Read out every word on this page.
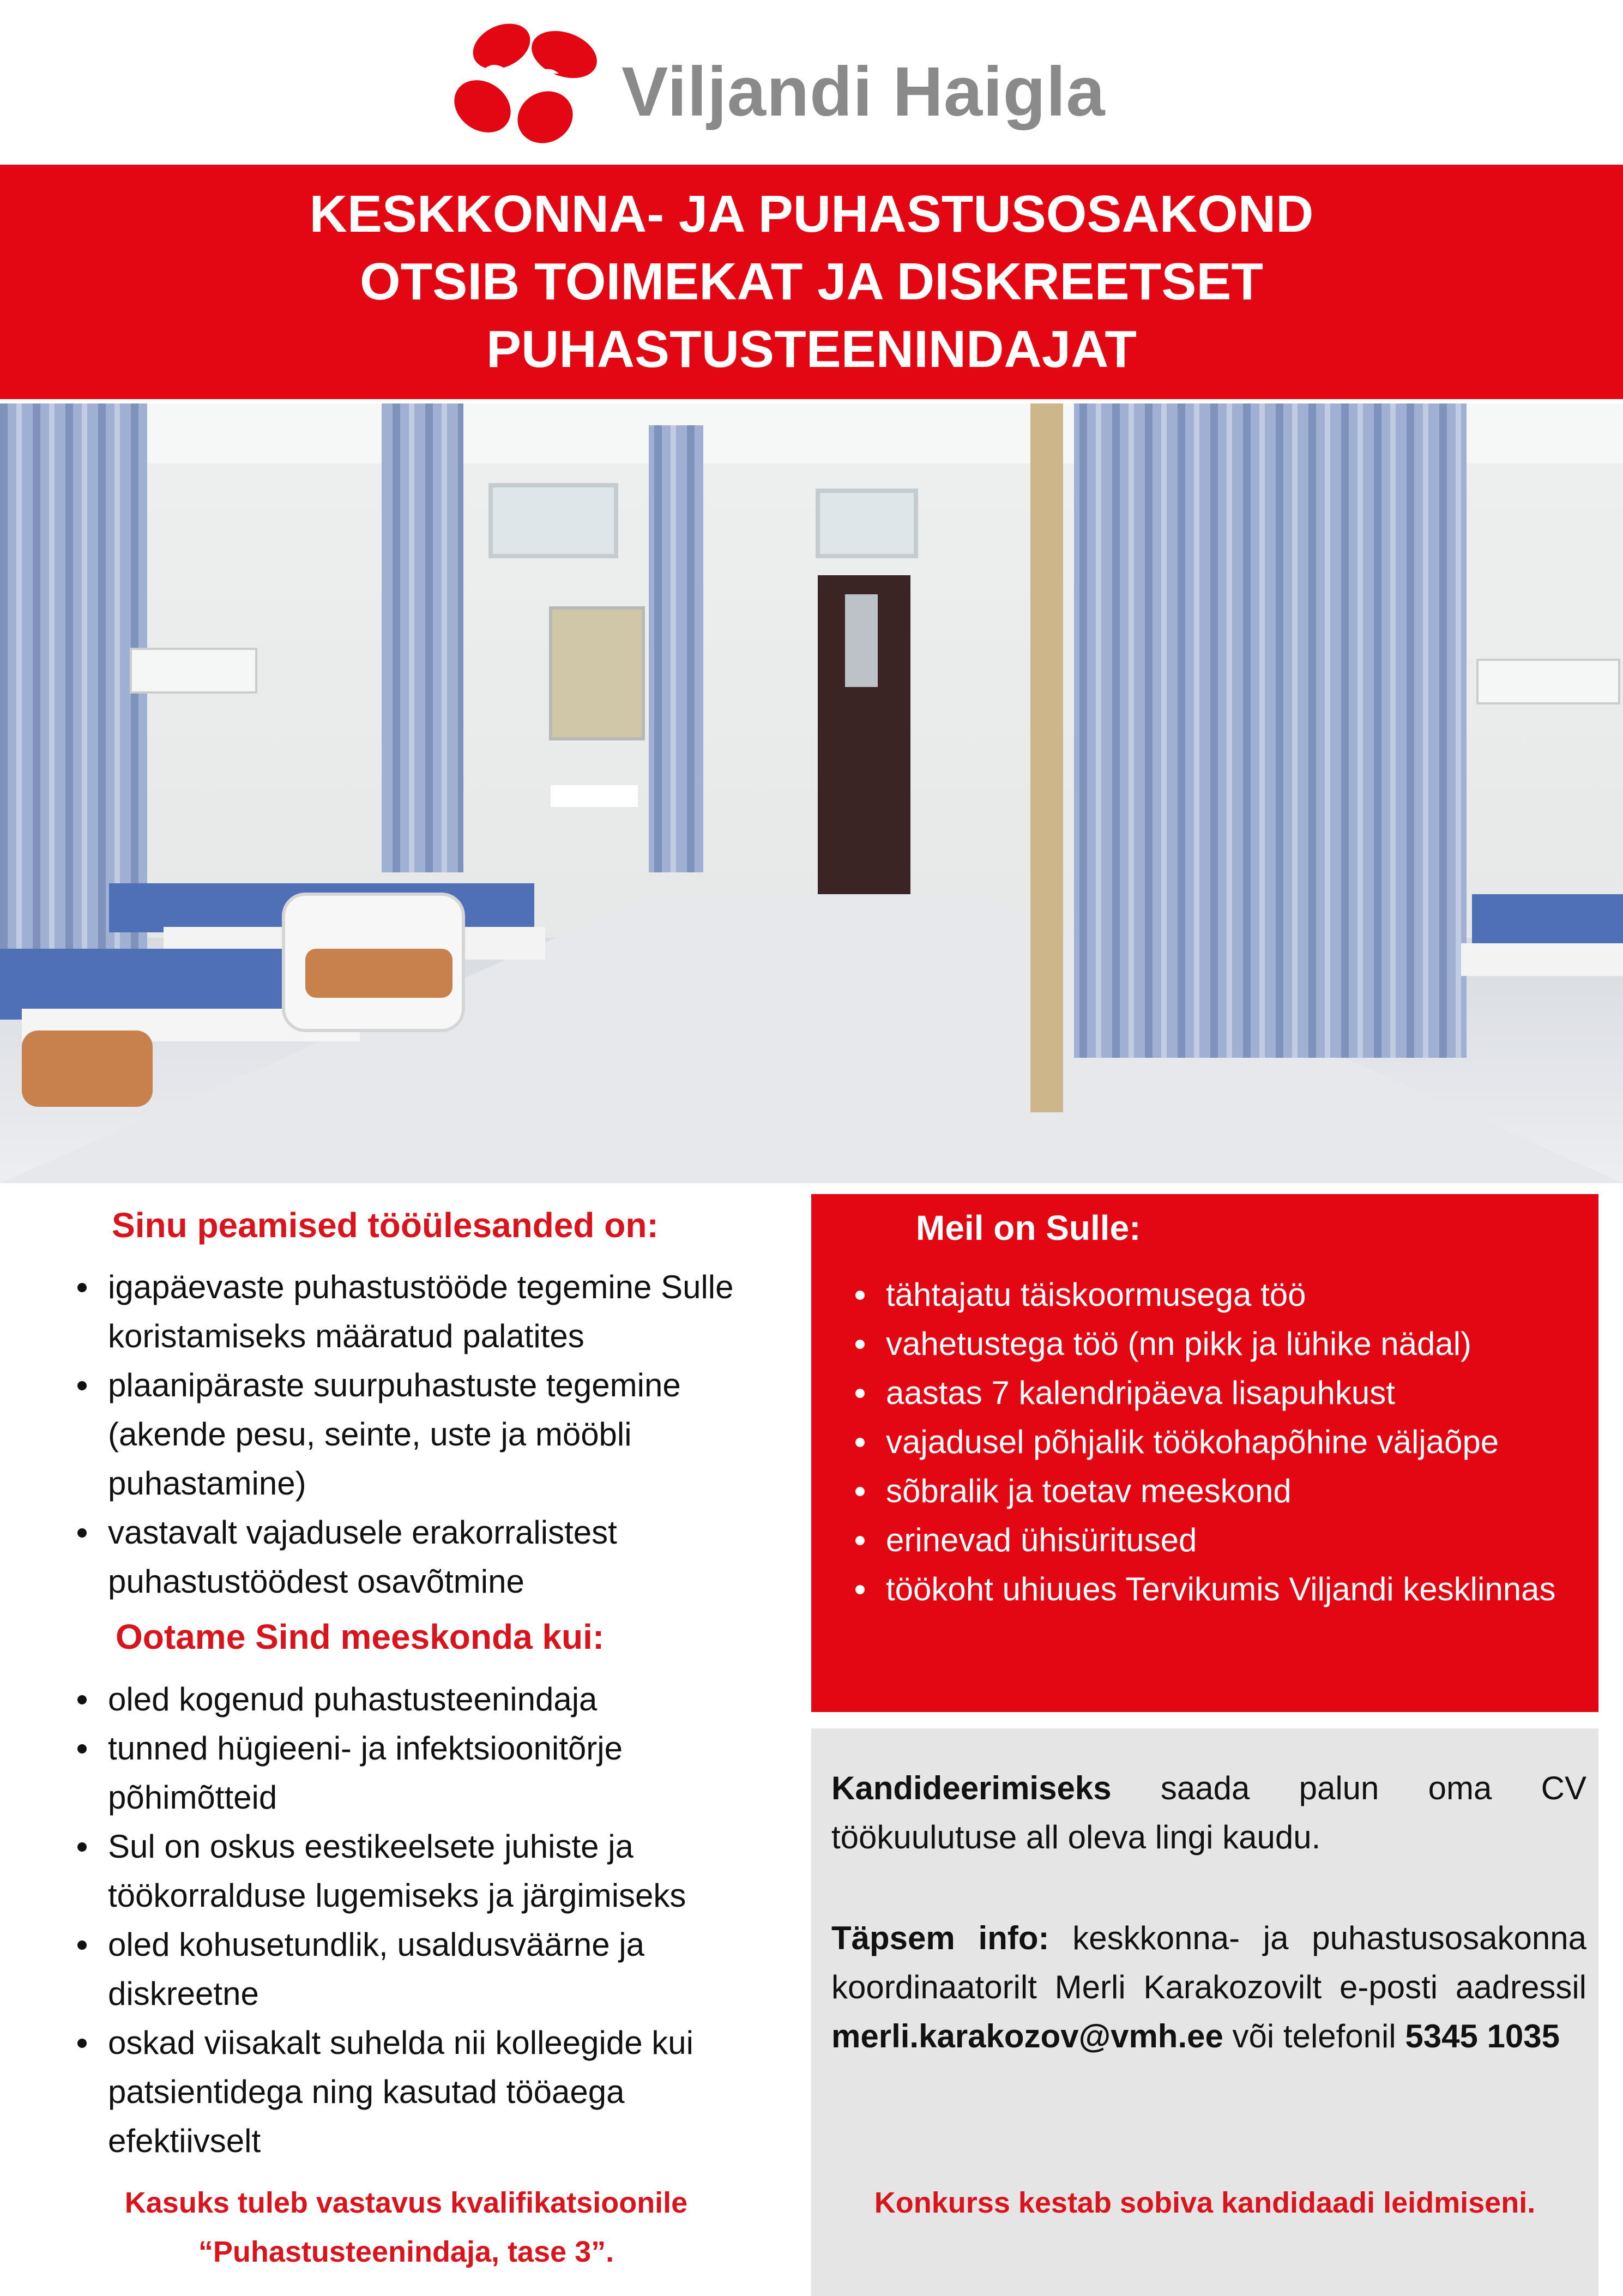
Viljandi Haigla
KESKKONNA- JA PUHASTUSOSAKOND
OTSIB TOIMEKAT JA DISKREETSET
PUHASTUSTEENINDAJAT
Sinu peamised tööülesanded on:
igapäevaste puhastustööde tegemine Sulle koristamiseks määratud palatites
plaanipäraste suurpuhastuste tegemine (akende pesu, seinte, uste ja mööbli puhastamine)
vastavalt vajadusele erakorralistest puhastustöödest osavõtmine
Ootame Sind meeskonda kui:
oled kogenud puhastusteenindaja
tunned hügieeni- ja infektsioonitõrje põhimõtteid
Sul on oskus eestikeelsete juhiste ja töökorralduse lugemiseks ja järgimiseks
oled kohusetundlik, usaldusväärne ja diskreetne
oskad viisakalt suhelda nii kolleegide kui patsientidega ning kasutad tööaega efektiivselt
Kasuks tuleb vastavus kvalifikatsioonile
“Puhastusteenindaja, tase 3”.
Meil on Sulle:
tähtajatu täiskoormusega töö
vahetustega töö (nn pikk ja lühike nädal)
aastas 7 kalendripäeva lisapuhkust
vajadusel põhjalik töökohapõhine väljaõpe
sõbralik ja toetav meeskond
erinevad ühisüritused
töökoht uhiuues Tervikumis Viljandi kesklinnas
Kandideerimiseks saada palun oma CV töökuulutuse all oleva lingi kaudu.
Täpsem info: keskkonna- ja puhastusosakonna koordinaatorilt Merli Karakozovilt e-posti aadressil merli.karakozov@vmh.ee või telefonil 5345 1035
Konkurss kestab sobiva kandidaadi leidmiseni.
